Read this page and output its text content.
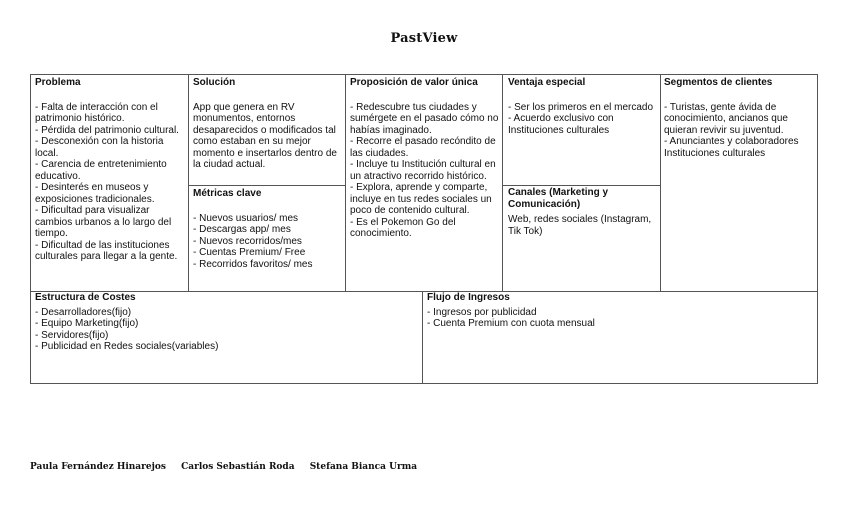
PastView
Problema
- Falta de interacción con el patrimonio histórico.
- Pérdida del patrimonio cultural.
- Desconexión con la historia local.
- Carencia de entretenimiento educativo.
- Desinterés en museos y exposiciones tradicionales.
- Dificultad para visualizar cambios urbanos a lo largo del tiempo.
- Dificultad de las instituciones culturales para llegar a la gente.
Solución
App que genera en RV monumentos, entornos desaparecidos o modificados tal como estaban en su mejor momento e insertarlos dentro de la ciudad actual.
Métricas clave
- Nuevos usuarios/ mes
- Descargas app/ mes
- Nuevos recorridos/mes
- Cuentas Premium/ Free
- Recorridos favoritos/ mes
Proposición de valor única
- Redescubre tus ciudades y sumérgete en el pasado cómo no habías imaginado.
- Recorre el pasado recóndito de las ciudades.
- Incluye tu Institución cultural en un atractivo recorrido histórico.
- Explora, aprende y comparte, incluye en tus redes sociales un poco de contenido cultural.
- Es el Pokemon Go del conocimiento.
Ventaja especial
- Ser los primeros en el mercado
- Acuerdo exclusivo con Instituciones culturales
Canales (Marketing y Comunicación)
Web, redes sociales (Instagram, Tik Tok)
Segmentos de clientes
- Turistas, gente ávida de conocimiento, ancianos que quieran revivir su juventud.
- Anunciantes y colaboradores Instituciones culturales
Estructura de Costes
- Desarrolladores(fijo)
- Equipo Marketing(fijo)
- Servidores(fijo)
- Publicidad en Redes sociales(variables)
Flujo de Ingresos
- Ingresos por publicidad
- Cuenta Premium con cuota mensual
Paula Fernández Hinarejos Carlos Sebastián Roda Stefana Bianca Urma
